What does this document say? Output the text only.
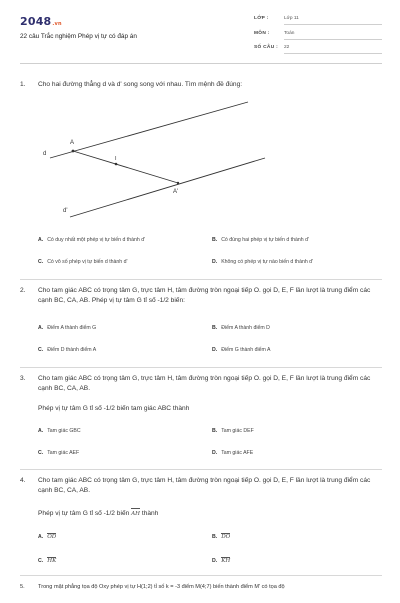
2048.vn
22 câu Trắc nghiệm Phép vị tự có đáp án
LỚP :	Lớp 11
MÔN :	Toán
SỐ CÂU :	22
1.	Cho hai đường thẳng d và d' song song với nhau. Tìm mệnh đề đúng:
d
A
I
A'
d'
A. Có duy nhất một phép vị tự biến d thành d'	B. Có đúng hai phép vị tự biến d thành d'
C. Có vô số phép vị tự biến d thành d'	D. Không có phép vị tự nào biến d thành d'
2.	Cho tam giác ABC có trọng tâm G, trực tâm H, tâm đường tròn ngoại tiếp O. gọi D, E, F lần lượt là trung điểm các cạnh BC, CA, AB. Phép vị tự tâm G tỉ số -1/2 biến:
A. Điểm A thành điểm G	B. Điểm A thành điểm D
C. Điểm D thành điểm A	D. Điểm G thành điểm A
3.	Cho tam giác ABC có trọng tâm G, trực tâm H, tâm đường tròn ngoại tiếp O. gọi D, E, F lần lượt là trung điểm các cạnh BC, CA, AB.
Phép vị tự tâm G tỉ số -1/2 biến tam giác ABC thành
A. Tam giác GBC	B. Tam giác DEF
C. Tam giác AEF	D. Tam giác AFE
4.	Cho tam giác ABC có trọng tâm G, trực tâm H, tâm đường tròn ngoại tiếp O. gọi D, E, F lần lượt là trung điểm các cạnh BC, CA, AB.
Phép vị tự tâm G tỉ số -1/2 biến AH thành
A. OD	B. DO
C. HK	D. KH
5.	Trong mặt phẳng tọa độ Oxy phép vị tự H(1;2) tỉ số k = -3 điểm M(4;7) biến thành điểm M' có tọa độ
